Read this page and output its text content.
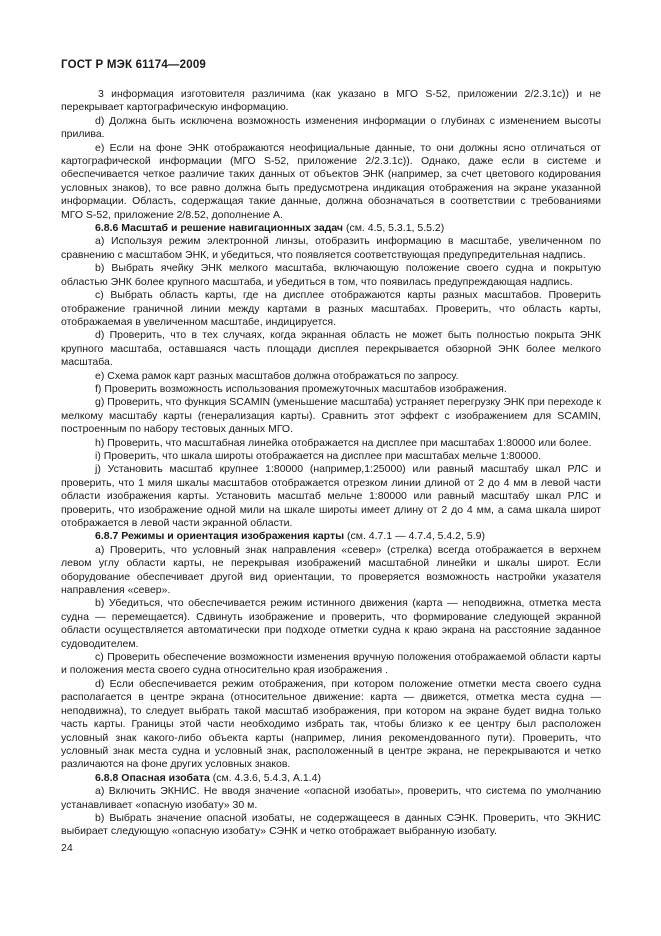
ГОСТ Р МЭК 61174—2009

3 информация изготовителя различима (как указано в МГО S-52, приложении 2/2.3.1c)) и не перекрывает картографическую информацию.

d) Должна быть исключена возможность изменения информации о глубинах с изменением высоты прилива.

e) Если на фоне ЭНК отображаются неофициальные данные, то они должны ясно отличаться от картографической информации (МГО S-52, приложение 2/2.3.1c)). Однако, даже если в системе и обеспечивается четкое различие таких данных от объектов ЭНК (например, за счет цветового кодирования условных знаков), то все равно должна быть предусмотрена индикация отображения на экране указанной информации. Область, содержащая такие данные, должна обозначаться в соответствии с требованиями МГО S-52, приложение 2/8.52, дополнение А.

6.8.6 Масштаб и решение навигационных задач (см. 4.5, 5.3.1, 5.5.2)

а) Используя режим электронной линзы, отобразить информацию в масштабе, увеличенном по сравнению с масштабом ЭНК, и убедиться, что появляется соответствующая предупредительная надпись.

b) Выбрать ячейку ЭНК мелкого масштаба, включающую положение своего судна и покрытую областью ЭНК более крупного масштаба, и убедиться в том, что появилась предупреждающая надпись.

c) Выбрать область карты, где на дисплее отображаются карты разных масштабов. Проверить отображение граничной линии между картами в разных масштабах. Проверить, что область карты, отображаемая в увеличенном масштабе, индицируется.

d) Проверить, что в тех случаях, когда экранная область не может быть полностью покрыта ЭНК крупного масштаба, оставшаяся часть площади дисплея перекрывается обзорной ЭНК более мелкого масштаба.

e) Схема рамок карт разных масштабов должна отображаться по запросу.

f) Проверить возможность использования промежуточных масштабов изображения.

g) Проверить, что функция SCAMIN (уменьшение масштаба) устраняет перегрузку ЭНК при переходе к мелкому масштабу карты (генерализация карты). Сравнить этот эффект с изображением для SCAMIN, построенным по набору тестовых данных МГО.

h) Проверить, что масштабная линейка отображается на дисплее при масштабах 1:80000 или более.

i) Проверить, что шкала широты отображается на дисплее при масштабах мельче 1:80000.

j) Установить масштаб крупнее 1:80000 (например,1:25000) или равный масштабу шкал РЛС и проверить, что 1 миля шкалы масштабов отображается отрезком линии длиной от 2 до 4 мм в левой части области изображения карты. Установить масштаб мельче 1:80000 или равный масштабу шкал РЛС и проверить, что изображение одной мили на шкале широты имеет длину от 2 до 4 мм, а сама шкала широт отображается в левой части экранной области.

6.8.7 Режимы и ориентация изображения карты (см. 4.7.1 — 4.7.4, 5.4.2, 5.9)

а) Проверить, что условный знак направления «север» (стрелка) всегда отображается в верхнем левом углу области карты, не перекрывая изображений масштабной линейки и шкалы широт. Если оборудование обеспечивает другой вид ориентации, то проверяется возможность настройки указателя направления «север».

b) Убедиться, что обеспечивается режим истинного движения (карта — неподвижна, отметка места судна — перемещается). Сдвинуть изображение и проверить, что формирование следующей экранной области осуществляется автоматически при подходе отметки судна к краю экрана на расстояние заданное судоводителем.

c) Проверить обеспечение возможности изменения вручную положения отображаемой области карты и положения места своего судна относительно края изображения .

d) Если обеспечивается режим отображения, при котором положение отметки места своего судна располагается в центре экрана (относительное движение: карта — движется, отметка места судна — неподвижна), то следует выбрать такой масштаб изображения, при котором на экране будет видна только часть карты. Границы этой части необходимо избрать так, чтобы близко к ее центру был расположен условный знак какого-либо объекта карты (например, линия рекомендованного пути). Проверить, что условный знак места судна и условный знак, расположенный в центре экрана, не перекрываются и четко различаются на фоне других условных знаков.

6.8.8 Опасная изобата (см. 4.3.6, 5.4.3, А.1.4)

а) Включить ЭКНИС. Не вводя значение «опасной изобаты», проверить, что система по умолчанию устанавливает «опасную изобату» 30 м.

b) Выбрать значение опасной изобаты, не содержащееся в данных СЭНК. Проверить, что ЭКНИС выбирает следующую «опасную изобату» СЭНК и четко отображает выбранную изобату.

24
